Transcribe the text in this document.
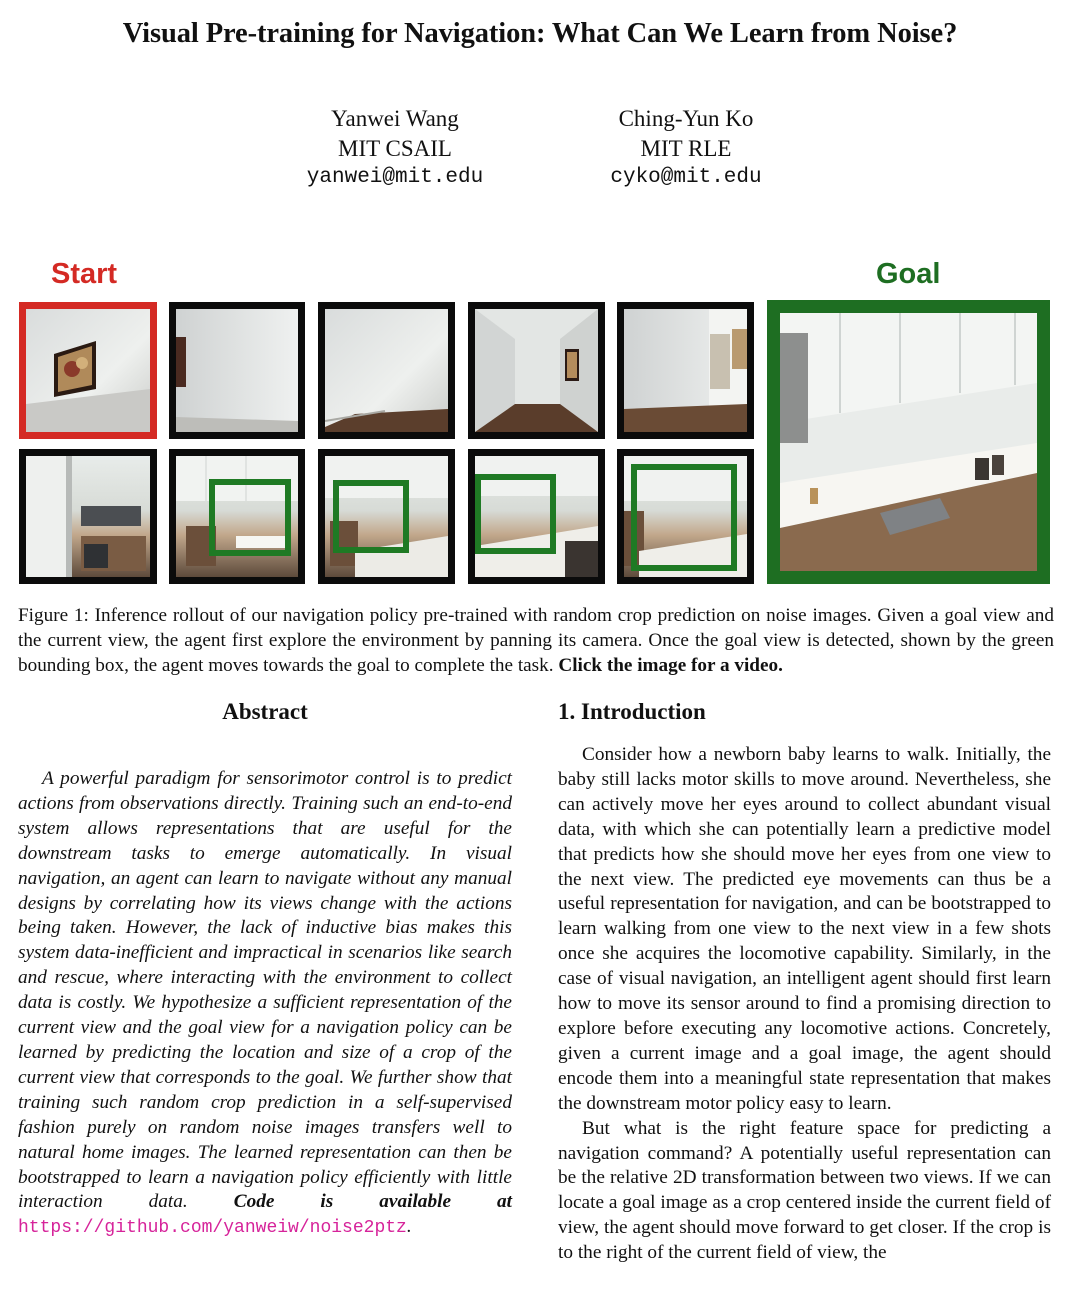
Visual Pre-training for Navigation: What Can We Learn from Noise?
Yanwei Wang
MIT CSAIL
yanwei@mit.edu
Ching-Yun Ko
MIT RLE
cyko@mit.edu
Start	Goal
Figure 1: Inference rollout of our navigation policy pre-trained with random crop prediction on noise images. Given a goal view and the current view, the agent first explore the environment by panning its camera. Once the goal view is detected, shown by the green bounding box, the agent moves towards the goal to complete the task. Click the image for a video.
Abstract

A powerful paradigm for sensorimotor control is to predict actions from observations directly. Training such an end-to-end system allows representations that are useful for the downstream tasks to emerge automatically. In visual navigation, an agent can learn to navigate without any manual designs by correlating how its views change with the actions being taken. However, the lack of inductive bias makes this system data-inefficient and impractical in scenarios like search and rescue, where interacting with the environment to collect data is costly. We hypothesize a sufficient representation of the current view and the goal view for a navigation policy can be learned by predicting the location and size of a crop of the current view that corresponds to the goal. We further show that training such random crop prediction in a self-supervised fashion purely on random noise images transfers well to natural home images. The learned representation can then be bootstrapped to learn a navigation policy efficiently with little interaction data. Code is available at https://github.com/yanweiw/noise2ptz.

1. Introduction

Consider how a newborn baby learns to walk. Initially, the baby still lacks motor skills to move around. Nevertheless, she can actively move her eyes around to collect abundant visual data, with which she can potentially learn a predictive model that predicts how she should move her eyes from one view to the next view. The predicted eye movements can thus be a useful representation for navigation, and can be bootstrapped to learn walking from one view to the next view in a few shots once she acquires the locomotive capability. Similarly, in the case of visual navigation, an intelligent agent should first learn how to move its sensor around to find a promising direction to explore before executing any locomotive actions. Concretely, given a current image and a goal image, the agent should encode them into a meaningful state representation that makes the downstream motor policy easy to learn.

But what is the right feature space for predicting a navigation command? A potentially useful representation can be the relative 2D transformation between two views. If we can locate a goal image as a crop centered inside the current field of view, the agent should move forward to get closer. If the crop is to the right of the current field of view, the
